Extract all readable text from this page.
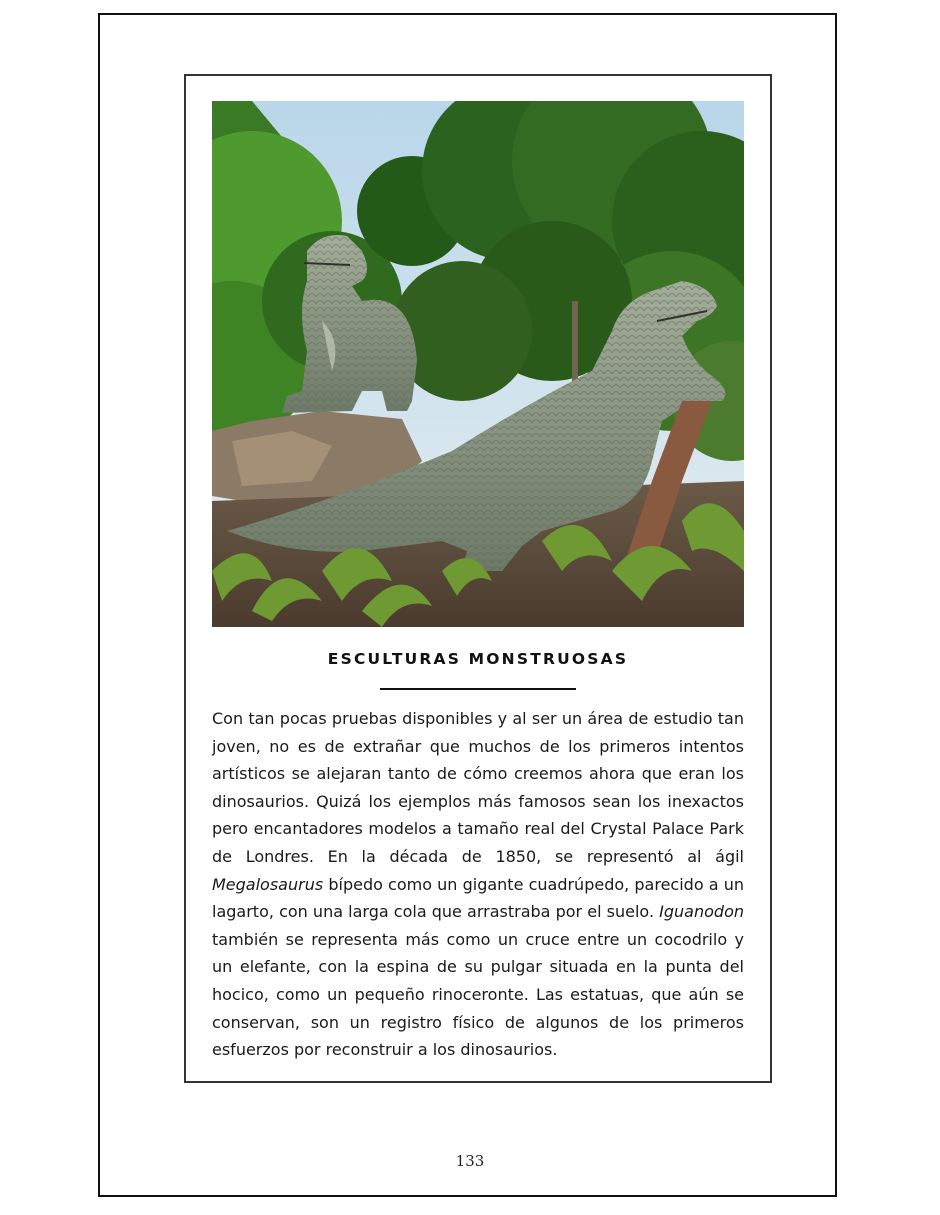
ESCULTURAS MONSTRUOSAS
Con tan pocas pruebas disponibles y al ser un área de estudio tan joven, no es de extrañar que muchos de los primeros intentos artísticos se alejaran tanto de cómo creemos ahora que eran los dinosaurios. Quizá los ejemplos más famosos sean los inexactos pero encantadores modelos a tamaño real del Crystal Palace Park de Londres. En la década de 1850, se representó al ágil Megalosaurus bípedo como un gigante cuadrúpedo, parecido a un lagarto, con una larga cola que arrastraba por el suelo. Iguanodon también se representa más como un cruce entre un cocodrilo y un elefante, con la espina de su pulgar situada en la punta del hocico, como un pequeño rinoceronte. Las estatuas, que aún se conservan, son un registro físico de algunos de los primeros esfuerzos por reconstruir a los dinosaurios.
133
